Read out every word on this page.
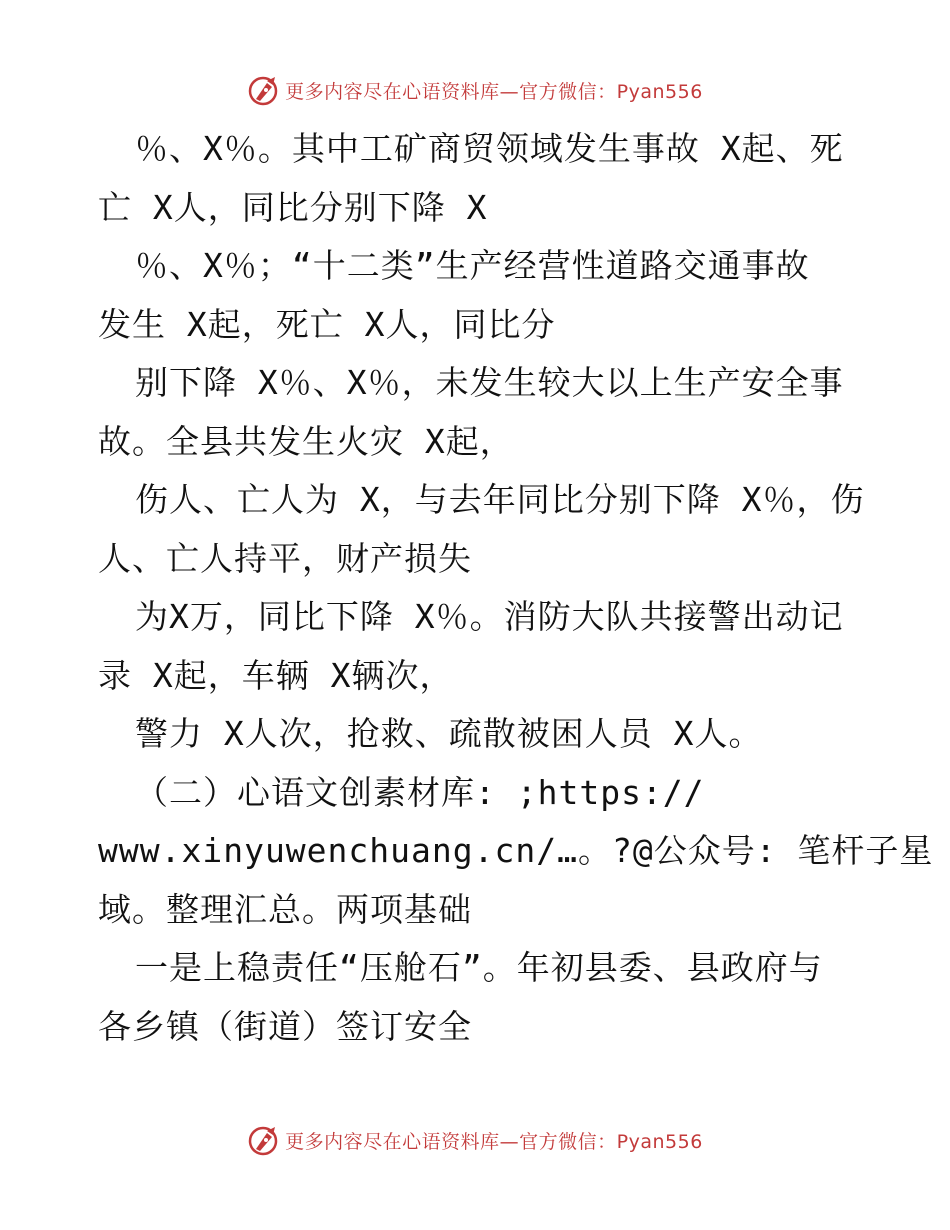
更多内容尽在心语资料库—官方微信：Pyan556
％、X％。其中工矿商贸领域发生事故 X起、死
亡 X人，同比分别下降 X
％、X％；“十二类”生产经营性道路交通事故
发生 X起，死亡 X人，同比分
别下降 X％、X％，未发生较大以上生产安全事
故。全县共发生火灾 X起，
伤人、亡人为 X，与去年同比分别下降 X％，伤
人、亡人持平，财产损失
为X万，同比下降 X％。消防大队共接警出动记
录 X起，车辆 X辆次，
警力 X人次，抢救、疏散被困人员 X人。
（二）心语文创素材库: ;https://
www.xinyuwenchuang.cn/…。?@公众号: 笔杆子星
域。整理汇总。两项基础
一是上稳责任“压舱石”。年初县委、县政府与
各乡镇（街道）签订安全
更多内容尽在心语资料库—官方微信：Pyan556
